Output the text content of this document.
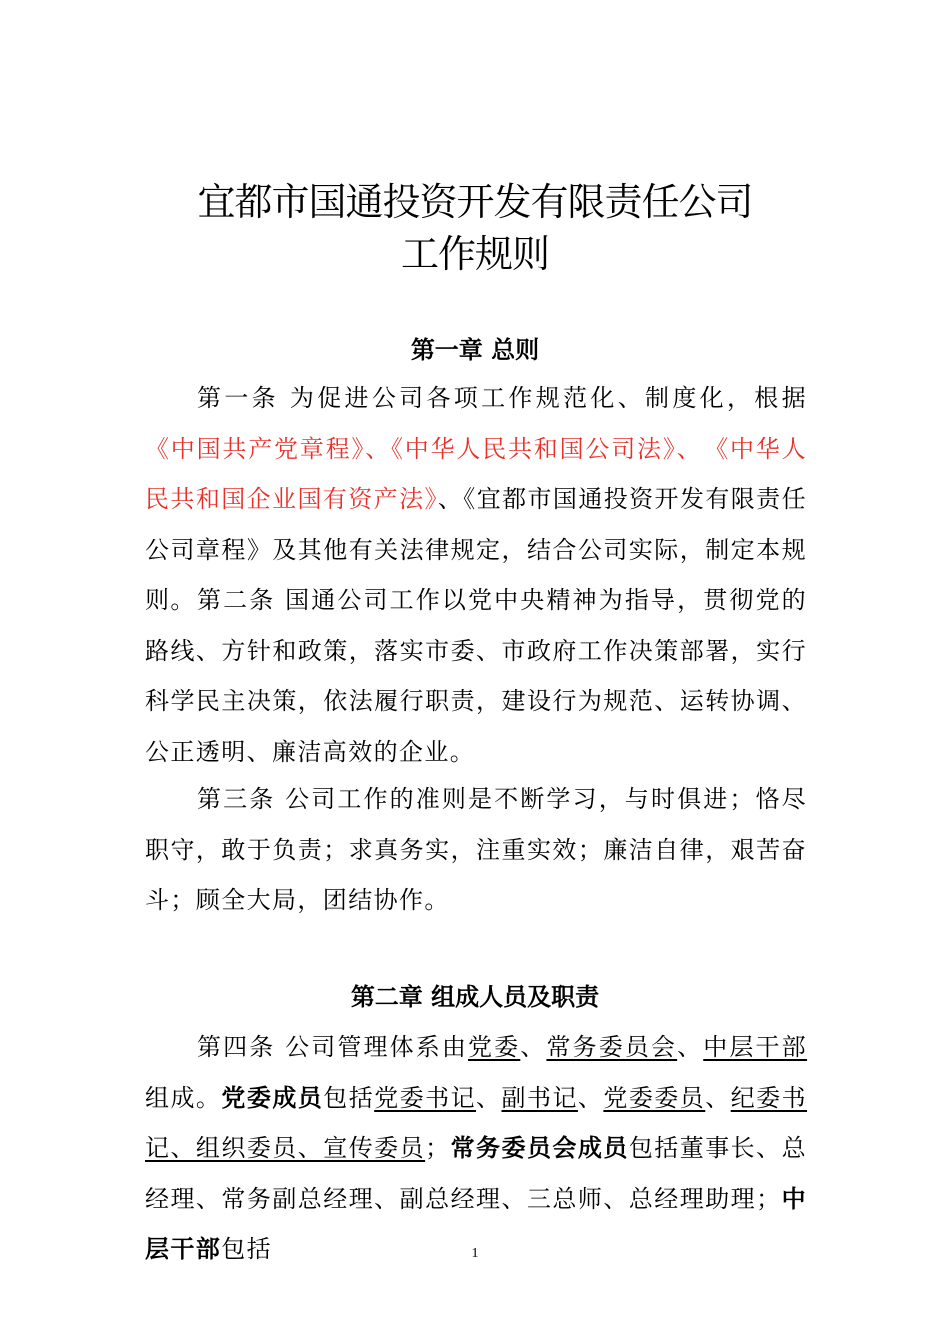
宜都市国通投资开发有限责任公司
工作规则
第一章 总则
第一条 为促进公司各项工作规范化、制度化，根据《中国共产党章程》、《中华人民共和国公司法》、　《中华人民共和国企业国有资产法》、《宜都市国通投资开发有限责任公司章程》及其他有关法律规定，结合公司实际，制定本规则。 第二条 国通公司工作以党中央精神为指导，贯彻党的路线、方针和政策，落实市委、市政府工作决策部署，实行科学民主决策，依法履行职责，建设行为规范、运转协调、公正透明、廉洁高效的企业。
第三条 公司工作的准则是不断学习，与时俱进；恪尽职守，敢于负责；求真务实，注重实效；廉洁自律，艰苦奋斗；顾全大局，团结协作。
第二章 组成人员及职责
第四条 公司管理体系由党委、常务委员会、中层干部组成。党委成员包括党委书记、副书记、党委委员、纪委书记、组织委员、宣传委员；常务委员会成员包括董事长、总经理、常务副总经理、副总经理、三总师、总经理助理；中层干部包括	1
